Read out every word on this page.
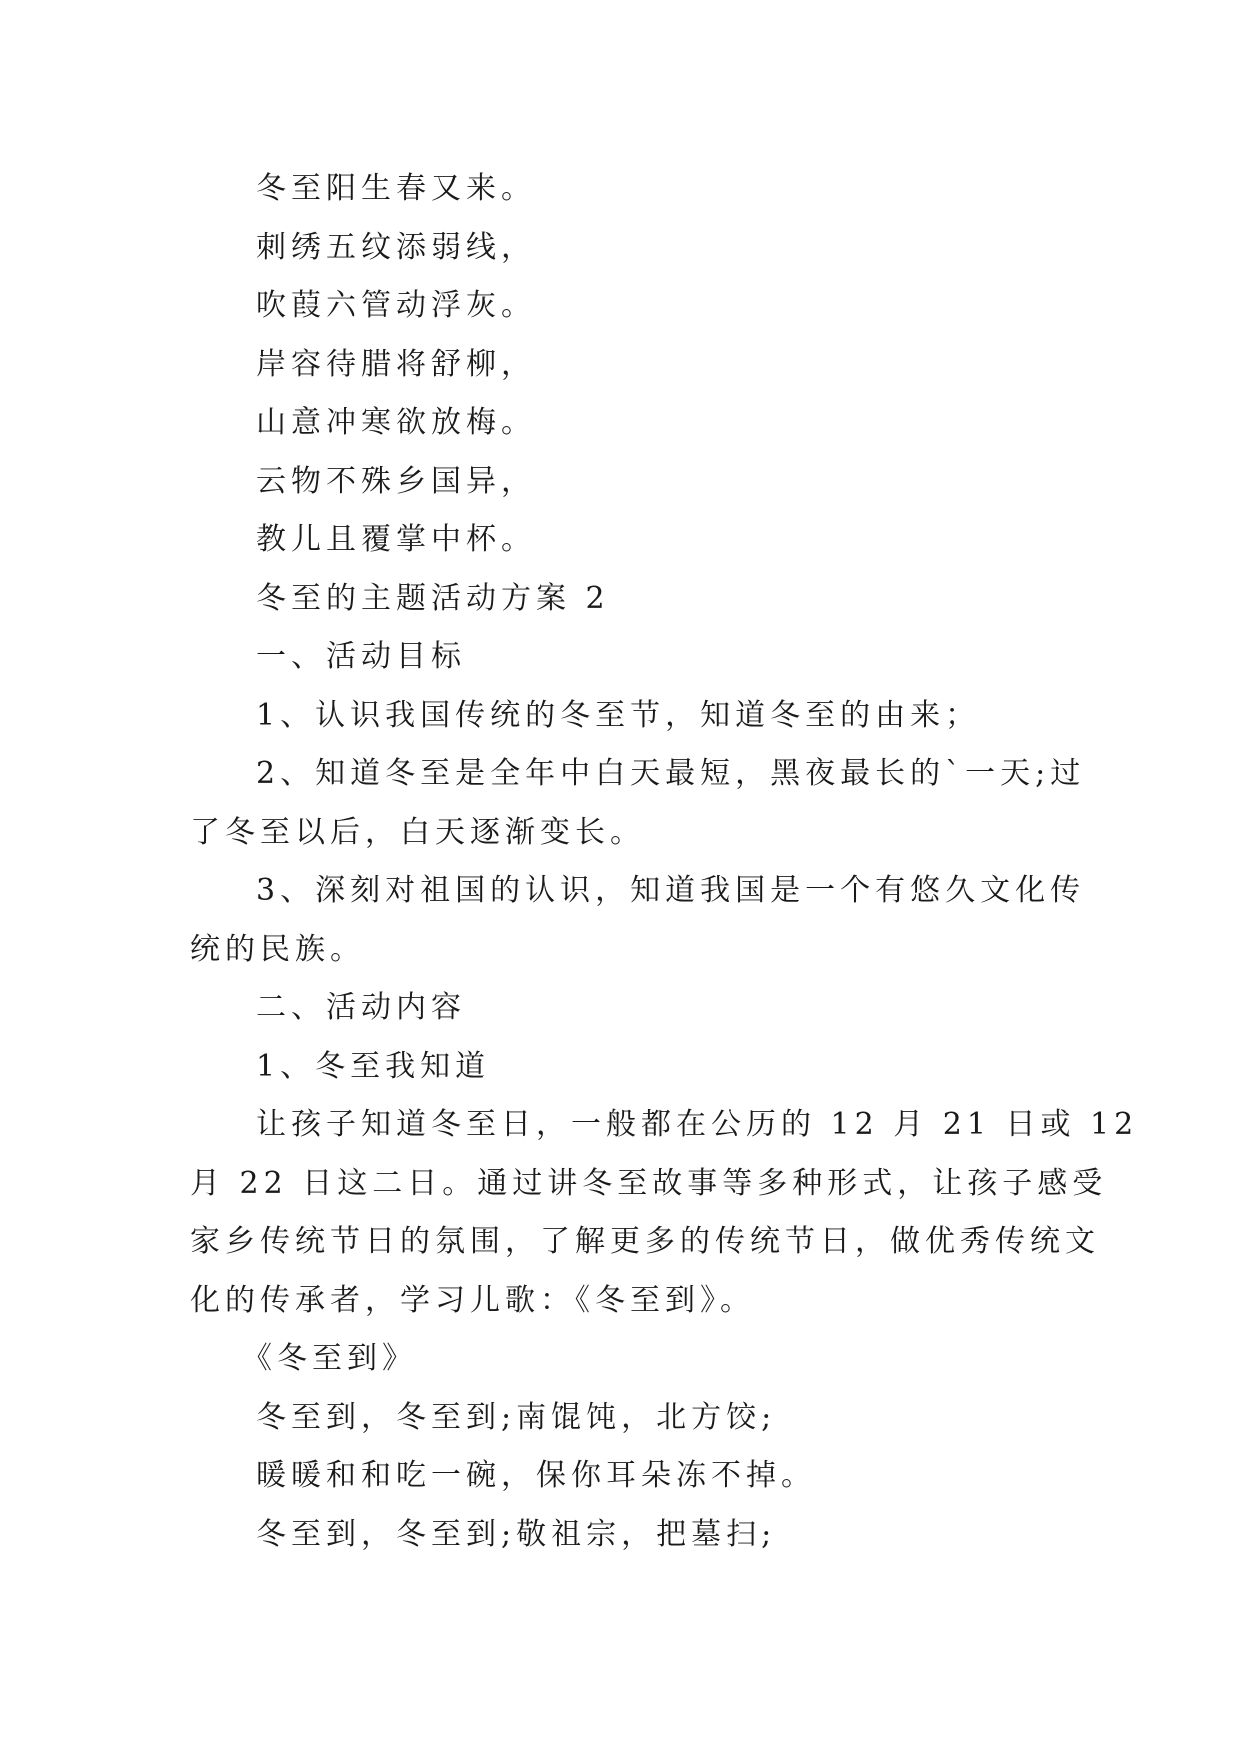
冬至阳生春又来。

刺绣五纹添弱线，

吹葭六管动浮灰。

岸容待腊将舒柳，

山意冲寒欲放梅。

云物不殊乡国异，

教儿且覆掌中杯。

冬至的主题活动方案 2

一、活动目标

1、认识我国传统的冬至节，知道冬至的由来；

2、知道冬至是全年中白天最短，黑夜最长的`一天;过

了冬至以后，白天逐渐变长。

3、深刻对祖国的认识，知道我国是一个有悠久文化传

统的民族。

二、活动内容

1、冬至我知道

让孩子知道冬至日，一般都在公历的 12 月 21 日或 12

月 22 日这二日。通过讲冬至故事等多种形式，让孩子感受

家乡传统节日的氛围，了解更多的传统节日，做优秀传统文

化的传承者，学习儿歌：《冬至到》。

《冬至到》

冬至到，冬至到;南馄饨，北方饺;

暖暖和和吃一碗，保你耳朵冻不掉。

冬至到，冬至到;敬祖宗，把墓扫;
